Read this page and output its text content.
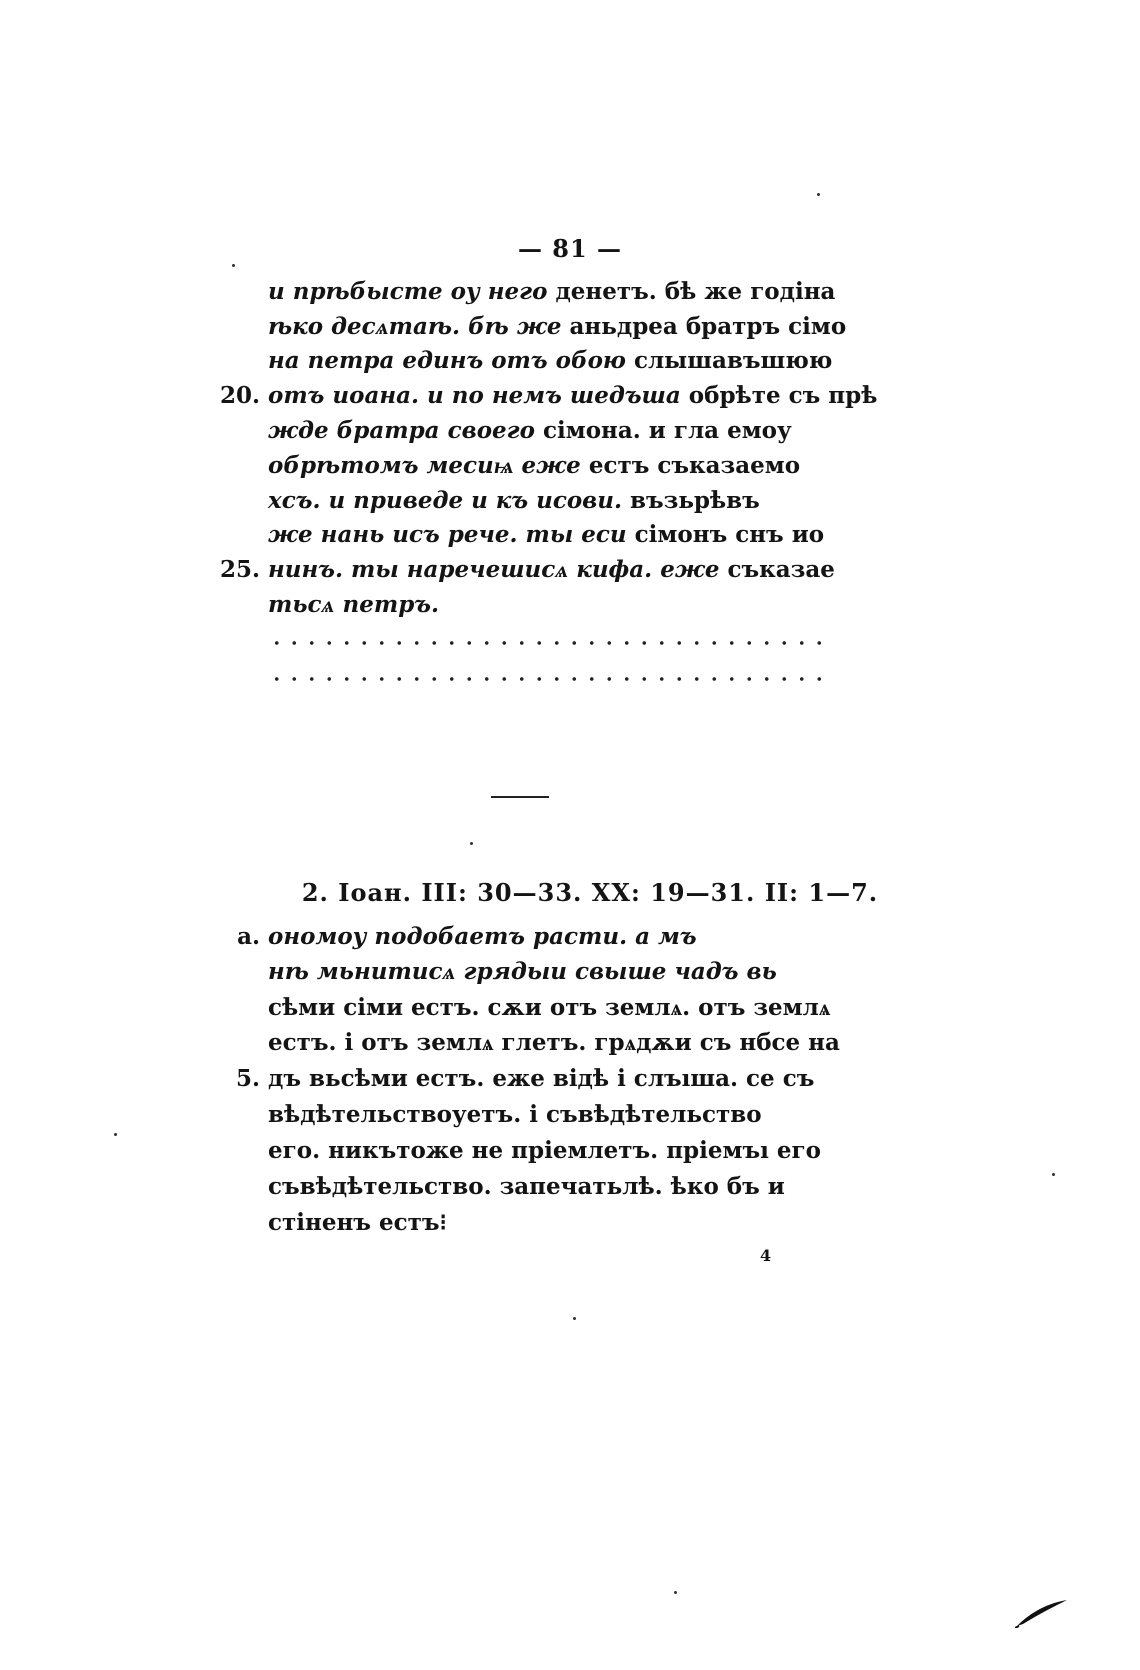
— 81 —
и прѣбысте оу него денетъ. бѣ же годіна
ѣко десѧтаѣ. бѣ же аньдреа братръ сімо
на петра единъ отъ обою слышавъшюю
отъ иоана. и по немъ шедъша обрѣте съ прѣ
жде братра своего сімона. и гла емоу
обрѣтомъ месиѩ еже естъ съказаемо
хсъ. и приведе и къ исови. възьрѣвъ
же нань исъ рече. ты еси сімонъ снъ ио
нинъ. ты наречешисѧ кифа. еже съказае
тьсѧ петръ.
20.
25.
2. Іоан. III: 30—33. XX: 19—31. II: 1—7.
ономоу подобаетъ расти. а мъ
нѣ мьнитисѧ грядыи свыше чадъ вь
сѣми сіми естъ. сѫи отъ землѧ. отъ землѧ
естъ. і отъ землѧ глетъ. грѧдѫи съ нбсе на
дъ вьсѣми естъ. еже відѣ і слъıша. се съ
вѣдѣтельствоуетъ. і съвѣдѣтельство
его. никътоже не пріемлетъ. пріемъı его
съвѣдѣтельство. запечатьлѣ. ѣко бъ и
стіненъ естъ⁝
а.
5.
4
